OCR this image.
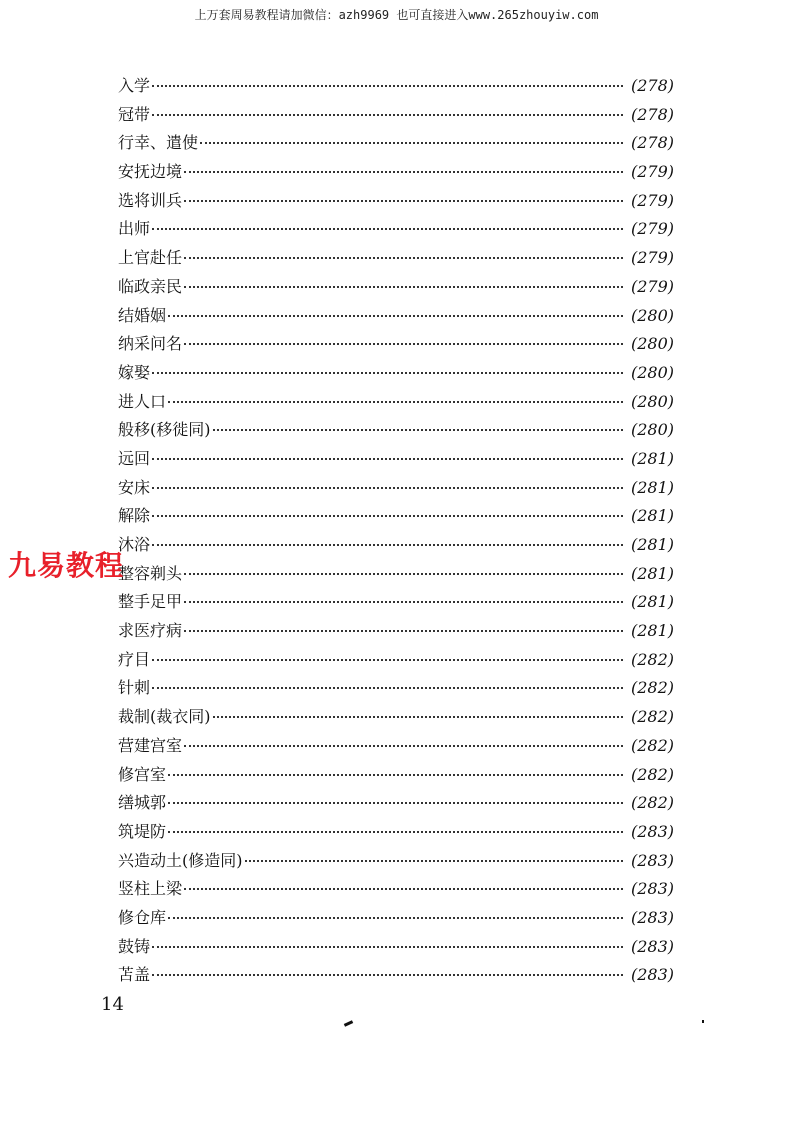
上万套周易教程请加微信：azh9969 也可直接进入www.265zhouyiw.com
入学	(278)
冠带	(278)
行幸、遣使	(278)
安抚边境	(279)
选将训兵	(279)
出师	(279)
上官赴任	(279)
临政亲民	(279)
结婚姻	(280)
纳采问名	(280)
嫁娶	(280)
进人口	(280)
般移(移徙同)	(280)
远回	(281)
安床	(281)
解除	(281)
沐浴	(281)
整容剃头	(281)
整手足甲	(281)
求医疗病	(281)
疗目	(282)
针刺	(282)
裁制(裁衣同)	(282)
营建宫室	(282)
修宫室	(282)
缮城郭	(282)
筑堤防	(283)
兴造动土(修造同)	(283)
竖柱上梁	(283)
修仓库	(283)
鼓铸	(283)
苫盖	(283)
九易教程
14
